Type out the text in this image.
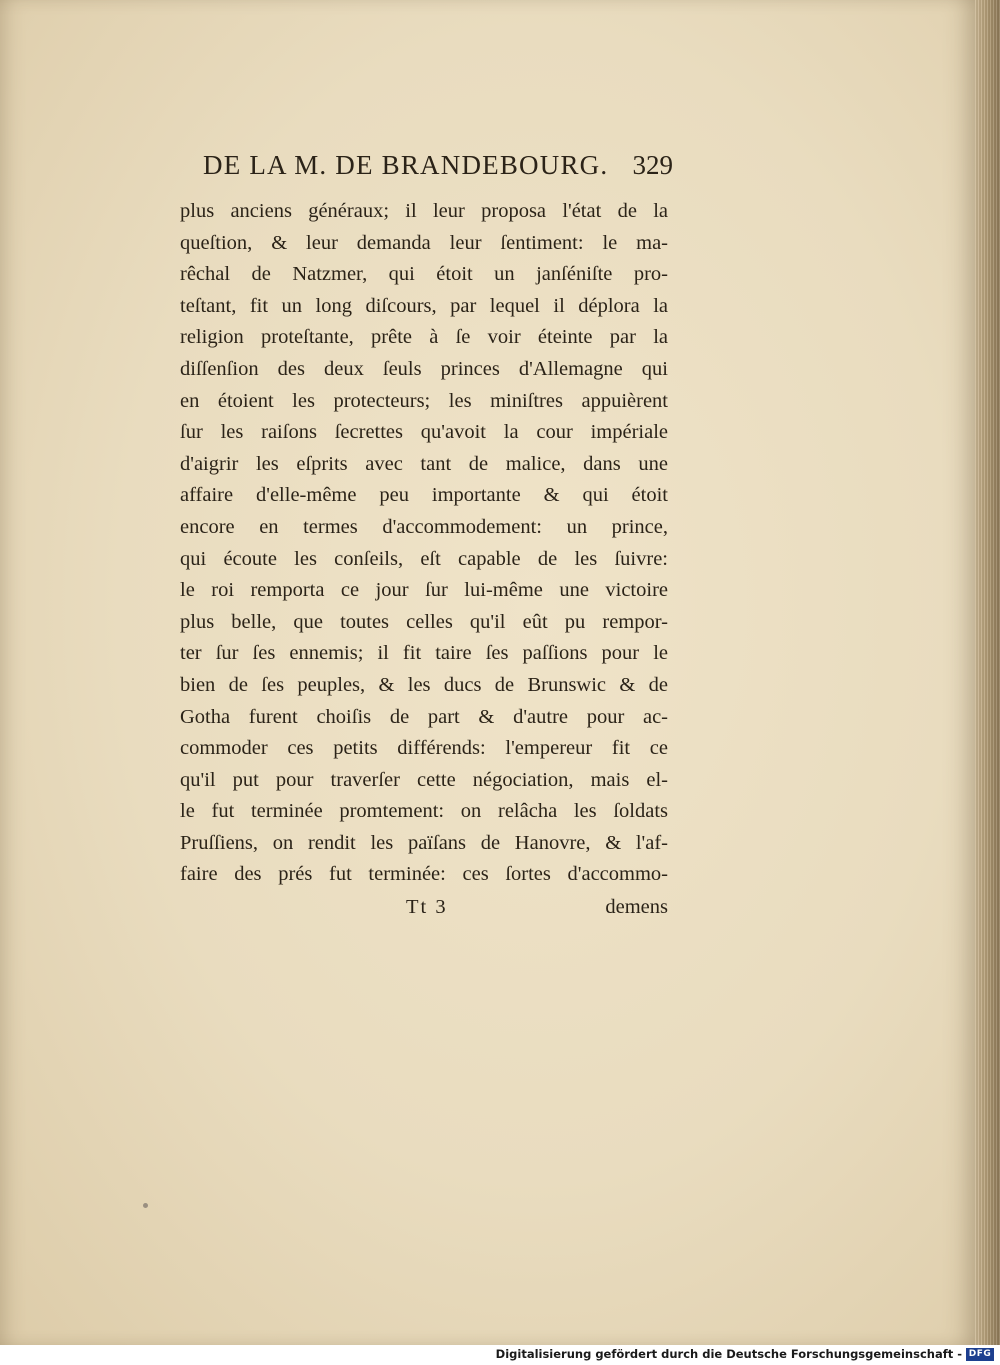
DE LA M. DE BRANDEBOURG. 329
plus anciens généraux; il leur proposa l'état de la
queſtion, & leur demanda leur ſentiment: le ma-
rêchal de Natzmer, qui étoit un janſéniſte pro-
teſtant, fit un long diſcours, par lequel il déplora la
religion proteſtante, prête à ſe voir éteinte par la
diſſenſion des deux ſeuls princes d'Allemagne qui
en étoient les protecteurs; les miniſtres appuièrent
ſur les raiſons ſecrettes qu'avoit la cour impériale
d'aigrir les eſprits avec tant de malice, dans une
affaire d'elle-même peu importante & qui étoit
encore en termes d'accommodement: un prince,
qui écoute les conſeils, eſt capable de les ſuivre:
le roi remporta ce jour ſur lui-même une victoire
plus belle, que toutes celles qu'il eût pu rempor-
ter ſur ſes ennemis; il fit taire ſes paſſions pour le
bien de ſes peuples, & les ducs de Brunswic & de
Gotha furent choiſis de part & d'autre pour ac-
commoder ces petits différends: l'empereur fit ce
qu'il put pour traverſer cette négociation, mais el-
le fut terminée promtement: on relâcha les ſoldats
Pruſſiens, on rendit les païſans de Hanovre, & l'af-
faire des prés fut terminée: ces ſortes d'accommo-
Tt 3	demens
Digitalisierung gefördert durch die Deutsche Forschungsgemeinschaft - DFG
